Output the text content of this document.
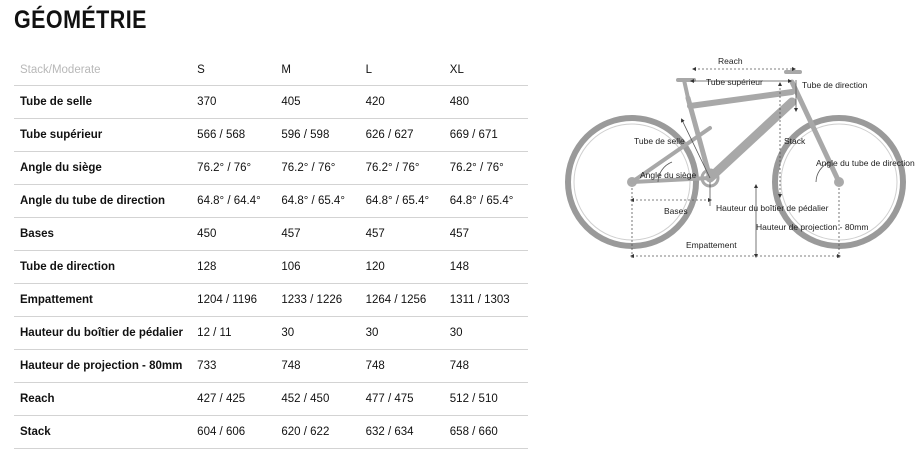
GÉOMÉTRIE
Stack/Moderate	S	M	L	XL
Tube de selle	370	405	420	480
Tube supérieur	566 / 568	596 / 598	626 / 627	669 / 671
Angle du siège	76.2° / 76°	76.2° / 76°	76.2° / 76°	76.2° / 76°
Angle du tube de direction	64.8° / 64.4°	64.8° / 65.4°	64.8° / 65.4°	64.8° / 65.4°
Bases	450	457	457	457
Tube de direction	128	106	120	148
Empattement	1204 / 1196	1233 / 1226	1264 / 1256	1311 / 1303
Hauteur du boîtier de pédalier	12 / 11	30	30	30
Hauteur de projection - 80mm	733	748	748	748
Reach	427 / 425	452 / 450	477 / 475	512 / 510
Stack	604 / 606	620 / 622	632 / 634	658 / 660
Reach
Tube supérieur	Tube de direction
Tube de selle	Stack
Angle du tube de direction
Angle du siège
Hauteur du boîtier de pédalier
Bases
Hauteur de projection - 80mm
Empattement
